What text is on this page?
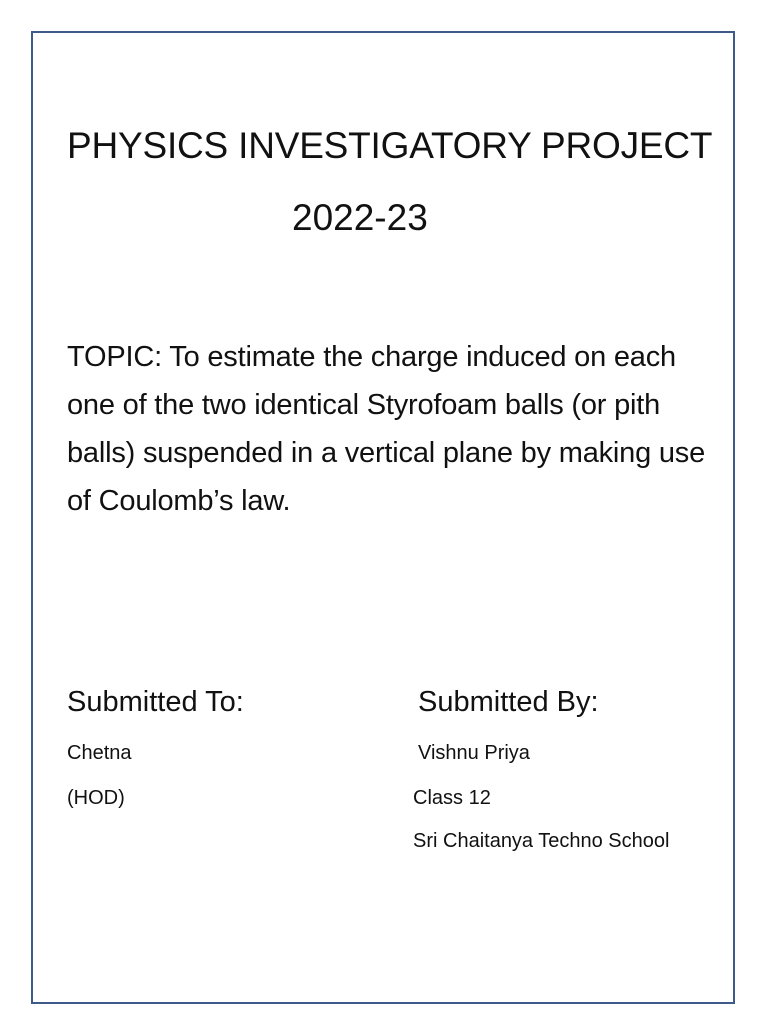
PHYSICS INVESTIGATORY PROJECT
2022-23
TOPIC: To estimate the charge induced on each one of the two identical Styrofoam balls (or pith balls) suspended in a vertical plane by making use of Coulomb’s law.
Submitted To:
Chetna
(HOD)
Submitted By:
Vishnu Priya
Class 12
Sri Chaitanya Techno School
